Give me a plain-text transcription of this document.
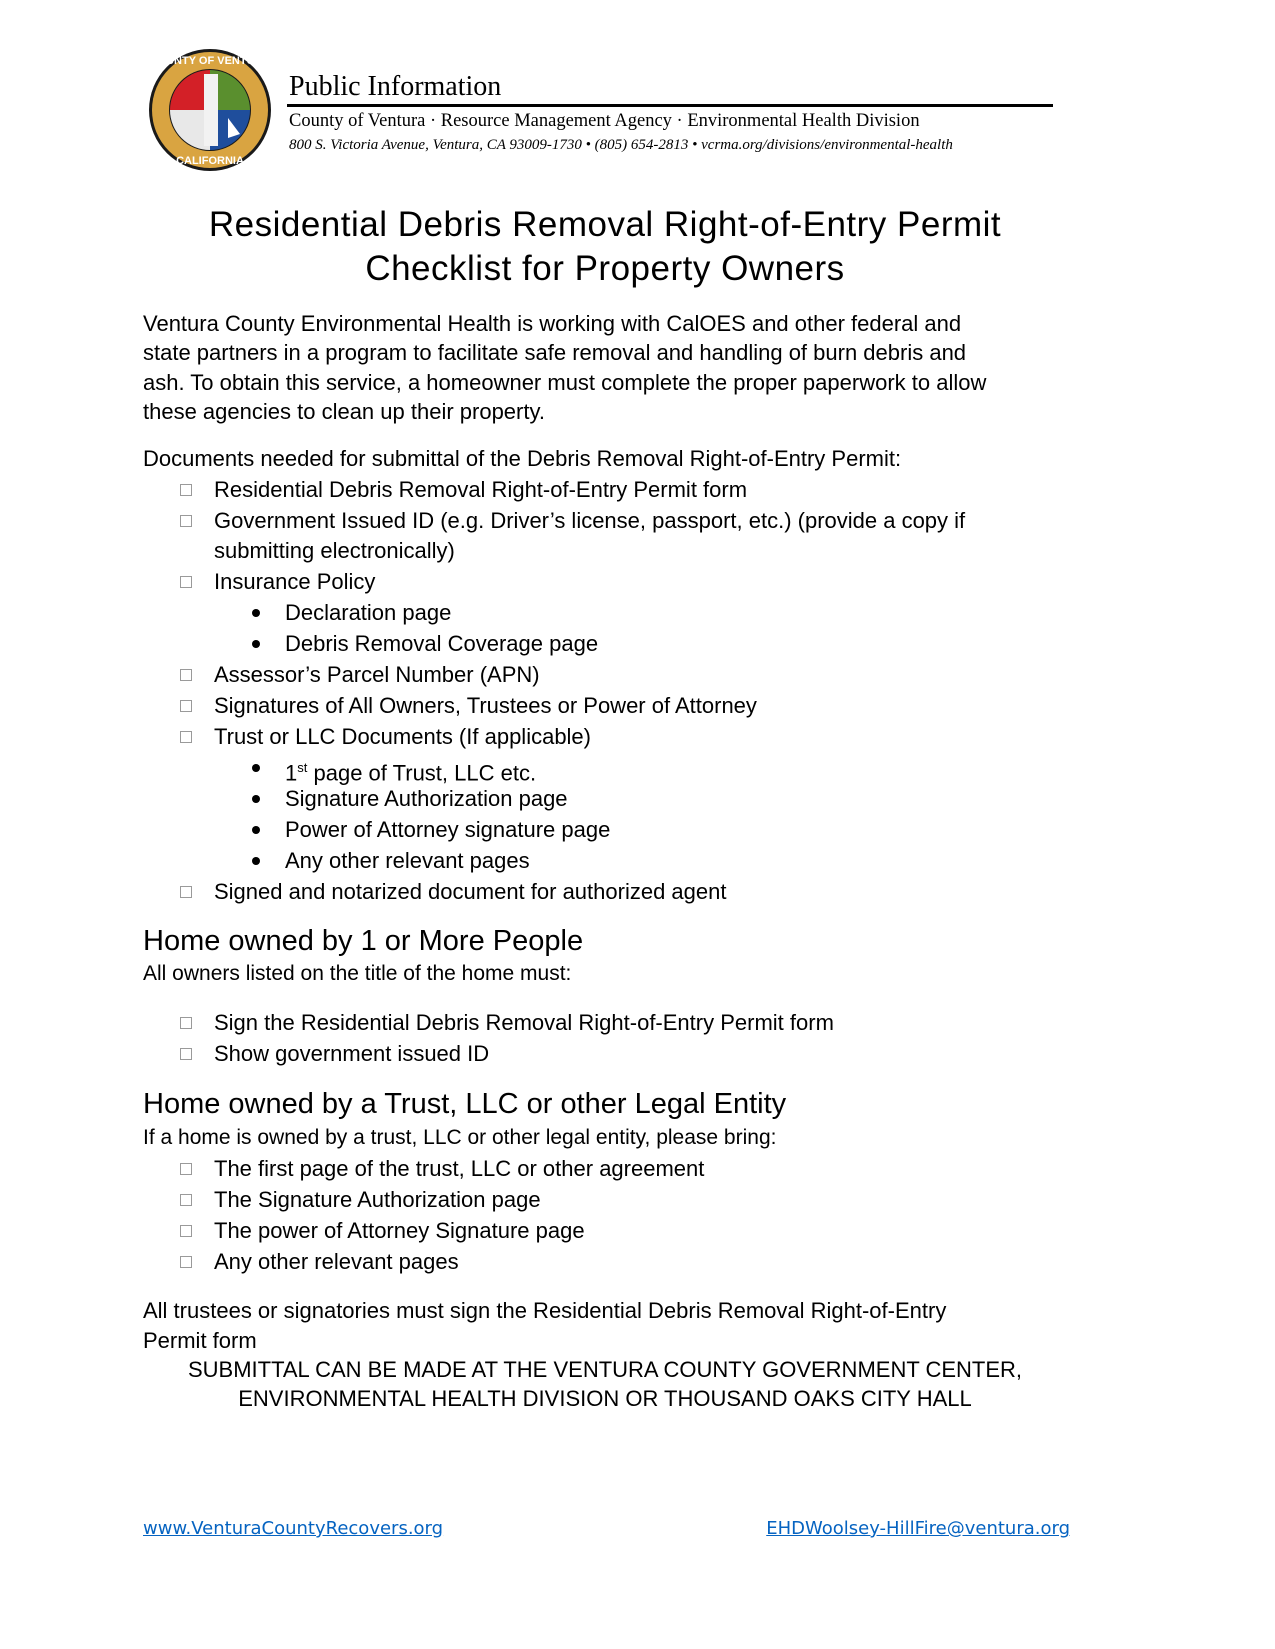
COUNTY OF VENTURA
CALIFORNIA
Public Information
County of Ventura · Resource Management Agency · Environmental Health Division
800 S. Victoria Avenue, Ventura, CA 93009-1730 • (805) 654-2813 • vcrma.org/divisions/environmental-health
Residential Debris Removal Right-of-Entry Permit
Checklist for Property Owners
Ventura County Environmental Health is working with CalOES and other federal and
state partners in a program to facilitate safe removal and handling of burn debris and
ash. To obtain this service, a homeowner must complete the proper paperwork to allow
these agencies to clean up their property.
Documents needed for submittal of the Debris Removal Right-of-Entry Permit:
Residential Debris Removal Right-of-Entry Permit form
Government Issued ID (e.g. Driver’s license, passport, etc.) (provide a copy if
submitting electronically)
Insurance Policy
Declaration page
Debris Removal Coverage page
Assessor’s Parcel Number (APN)
Signatures of All Owners, Trustees or Power of Attorney
Trust or LLC Documents (If applicable)
1st page of Trust, LLC etc.
Signature Authorization page
Power of Attorney signature page
Any other relevant pages
Signed and notarized document for authorized agent
Home owned by 1 or More People
All owners listed on the title of the home must:
Sign the Residential Debris Removal Right-of-Entry Permit form
Show government issued ID
Home owned by a Trust, LLC or other Legal Entity
If a home is owned by a trust, LLC or other legal entity, please bring:
The first page of the trust, LLC or other agreement
The Signature Authorization page
The power of Attorney Signature page
Any other relevant pages
All trustees or signatories must sign the Residential Debris Removal Right-of-Entry
Permit form
SUBMITTAL CAN BE MADE AT THE VENTURA COUNTY GOVERNMENT CENTER,
ENVIRONMENTAL HEALTH DIVISION OR THOUSAND OAKS CITY HALL
www.VenturaCountyRecovers.org	EHDWoolsey-HillFire@ventura.org
